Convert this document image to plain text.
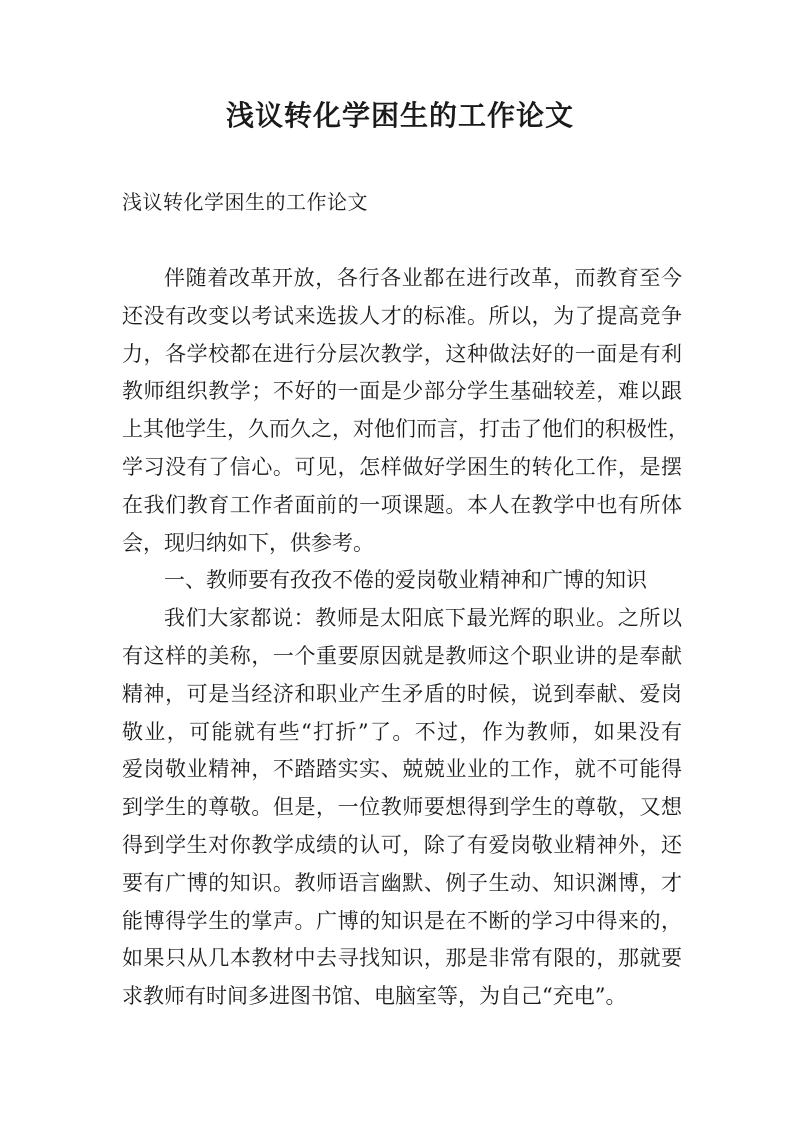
浅议转化学困生的工作论文
浅议转化学困生的工作论文
伴随着改革开放，各行各业都在进行改革，而教育至今
还没有改变以考试来选拔人才的标准。所以，为了提高竞争
力，各学校都在进行分层次教学，这种做法好的一面是有利
教师组织教学；不好的一面是少部分学生基础较差，难以跟
上其他学生，久而久之，对他们而言，打击了他们的积极性，
学习没有了信心。可见，怎样做好学困生的转化工作，是摆
在我们教育工作者面前的一项课题。本人在教学中也有所体
会，现归纳如下，供参考。
一、教师要有孜孜不倦的爱岗敬业精神和广博的知识
我们大家都说：教师是太阳底下最光辉的职业。之所以
有这样的美称，一个重要原因就是教师这个职业讲的是奉献
精神，可是当经济和职业产生矛盾的时候，说到奉献、爱岗
敬业，可能就有些“打折”了。不过，作为教师，如果没有
爱岗敬业精神，不踏踏实实、兢兢业业的工作，就不可能得
到学生的尊敬。但是，一位教师要想得到学生的尊敬，又想
得到学生对你教学成绩的认可，除了有爱岗敬业精神外，还
要有广博的知识。教师语言幽默、例子生动、知识渊博，才
能博得学生的掌声。广博的知识是在不断的学习中得来的，
如果只从几本教材中去寻找知识，那是非常有限的，那就要
求教师有时间多进图书馆、电脑室等，为自己“充电”。
